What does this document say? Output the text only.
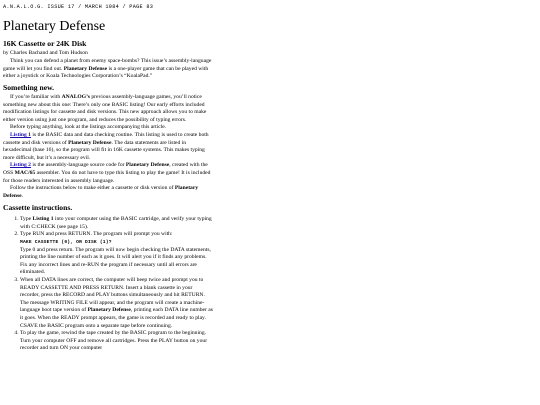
A.N.A.L.O.G. ISSUE 17 / MARCH 1984 / PAGE 83
Planetary Defense
16K Cassette or 24K Disk
by Charles Bachand and Tom Hudson

Think you can defend a planet from enemy space-bombs? This issue’s assembly-language game will let you find out. Planetary Defense is a one-player game that can be played with either a joystick or Koala Technologies Corporation’s “KoalaPad.”

Something new.

If you’re familiar with ANALOG’s previous assembly-language games, you’ll notice something new about this one: There’s only one BASIC listing! Our early efforts included modification listings for cassette and disk versions. This new approach allows you to make either version using just one program, and reduces the possibility of typing errors.

Before typing anything, look at the listings accompanying this article.

Listing 1 is the BASIC data and data checking routine. This listing is used to create both cassette and disk versions of Planetary Defense. The data statements are listed in hexadecimal (base 16), so the program will fit in 16K cassette systems. This makes typing more difficult, but it’s a necessary evil.

Listing 2 is the assembly-language source code for Planetary Defense, created with the OSS MAC/65 assembler. You do not have to type this listing to play the game! It is included for those readers interested in assembly language.

Follow the instructions below to make either a cassette or disk version of Planetary Defense.

Cassette instructions.
1. Type Listing 1 into your computer using the BASIC cartridge, and verify your typing with C:CHECK (see page 15).
2. Type RUN and press RETURN. The program will prompt you with:
MAKE CASSETTE (0), OR DISK (1)?
Type 0 and press return. The program will now begin checking the DATA statements, printing the line number of each as it goes. It will alert you if it finds any problems. Fix any incorrect lines and re-RUN the program if necessary until all errors are eliminated.
3. When all DATA lines are correct, the computer will beep twice and prompt you to READY CASSETTE AND PRESS RETURN. Insert a blank cassette in your recorder, press the RECORD and PLAY buttons simultaneously and hit RETURN. The message WRITING FILE will appear, and the program will create a machine-language boot tape version of Planetary Defense, printing each DATA line number as it goes. When the READY prompt appears, the game is recorded and ready to play. CSAVE the BASIC program onto a separate tape before continuing.
4. To play the game, rewind the tape created by the BASIC program to the beginning. Turn your computer OFF and remove all cartridges. Press the PLAY button on your recorder and turn ON your computer
